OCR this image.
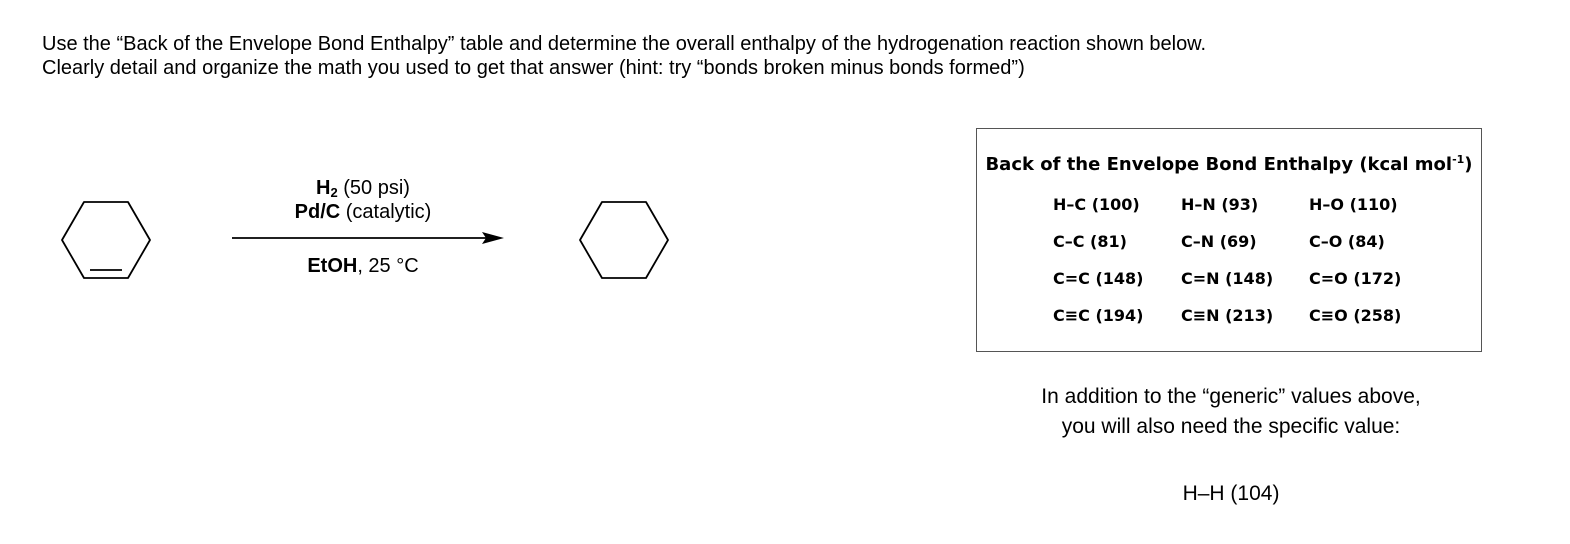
Use the “Back of the Envelope Bond Enthalpy” table and determine the overall enthalpy of the hydrogenation reaction shown below.
Clearly detail and organize the math you used to get that answer (hint: try “bonds broken minus bonds formed”)
$H_2$ (50 psi)
Pd/C (catalytic)
EtOH, 25 °C
Back of the Envelope Bond Enthalpy (kcal mol$^{-1}$)
H–C (100)	H–N (93)	H–O (110)
C–C (81)	C–N (69)	C–O (84)
C=C (148)	C=N (148)	C=O (172)
C≡C (194)	C≡N (213)	C≡O (258)
In addition to the “generic” values above,
you will also need the specific value:
H–H (104)
